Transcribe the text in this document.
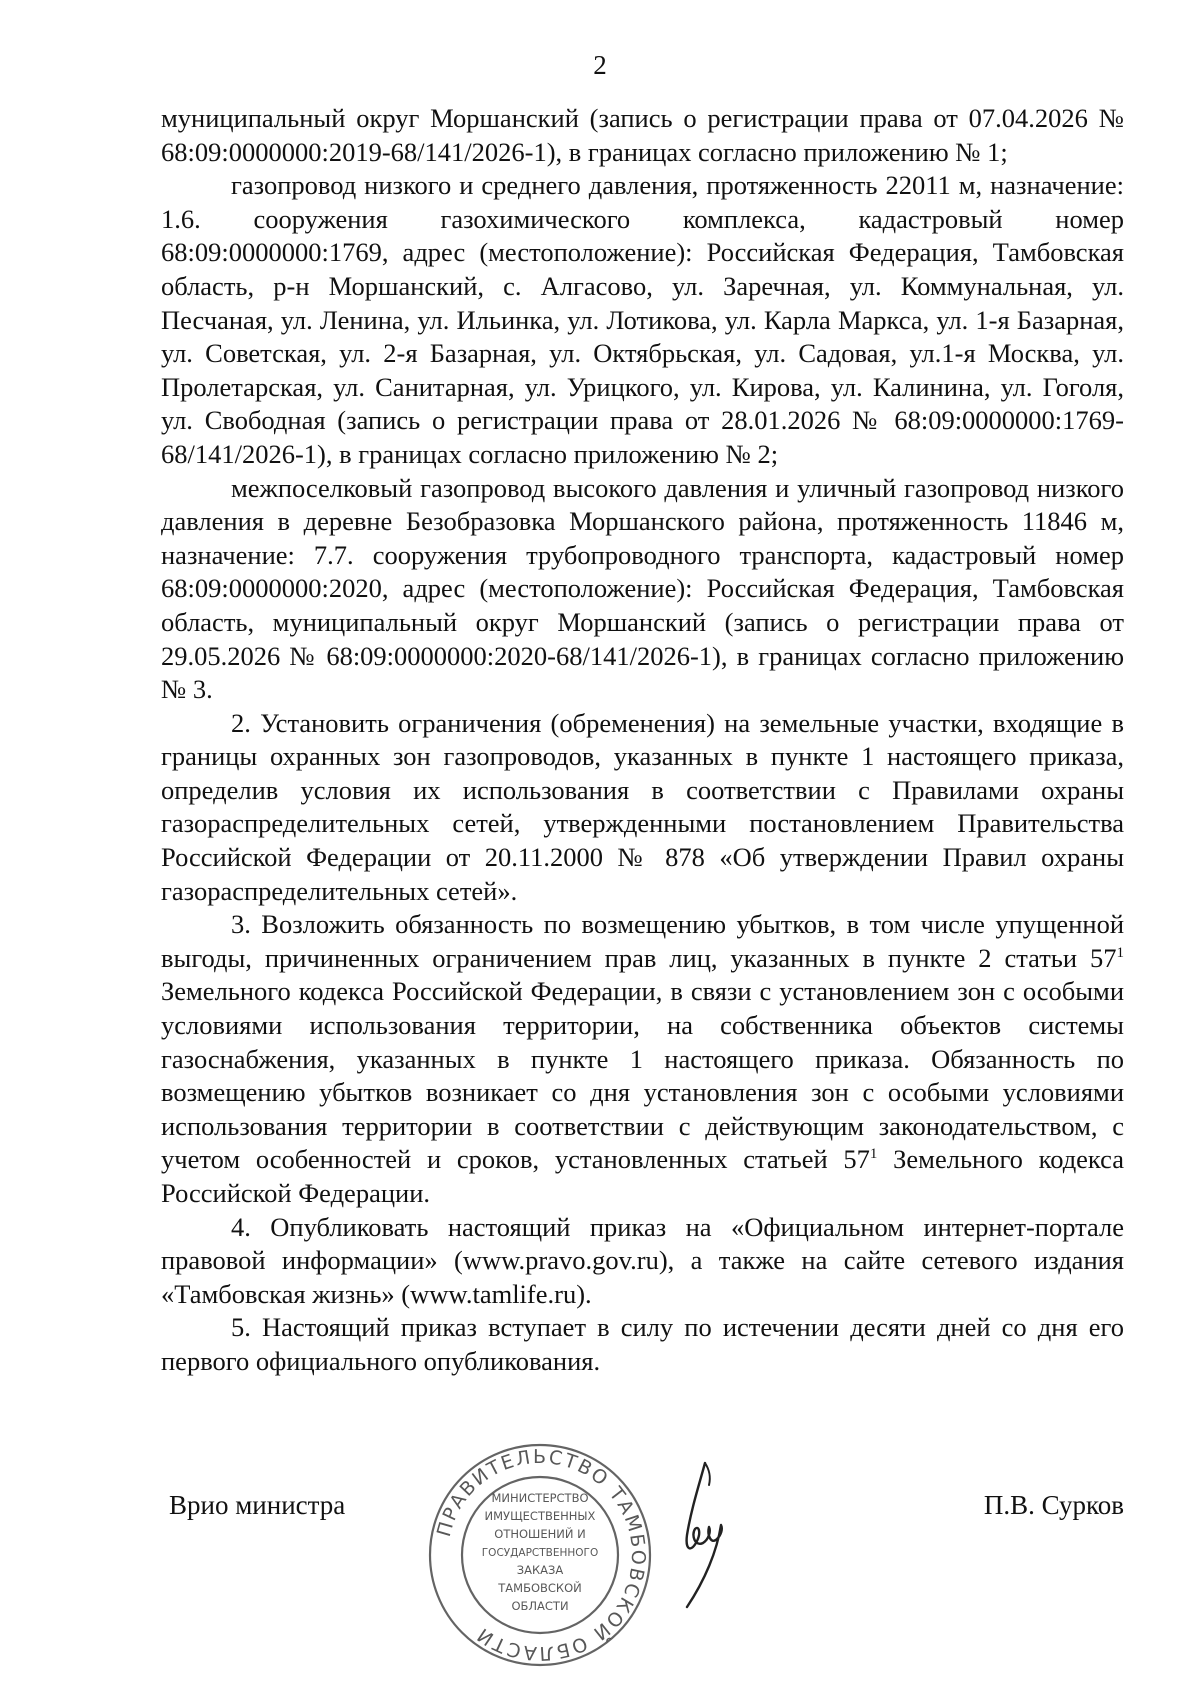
2

муниципальный округ Моршанский (запись о регистрации права от 07.04.2026 № 68:09:0000000:2019-68/141/2026-1), в границах согласно приложению № 1;

газопровод низкого и среднего давления, протяженность 22011 м, назначение: 1.6. сооружения газохимического комплекса, кадастровый номер 68:09:0000000:1769, адрес (местоположение): Российская Федерация, Тамбовская область, р-н Моршанский, с. Алгасово, ул. Заречная, ул. Коммунальная, ул. Песчаная, ул. Ленина, ул. Ильинка, ул. Лотикова, ул. Карла Маркса, ул. 1-я Базарная, ул. Советская, ул. 2-я Базарная, ул. Октябрьская, ул. Садовая, ул.1-я Москва, ул. Пролетарская, ул. Санитарная, ул. Урицкого, ул. Кирова, ул. Калинина, ул. Гоголя, ул. Свободная (запись о регистрации права от 28.01.2026 № 68:09:0000000:1769-68/141/2026-1), в границах согласно приложению № 2;

межпоселковый газопровод высокого давления и уличный газопровод низкого давления в деревне Безобразовка Моршанского района, протяженность 11846 м, назначение: 7.7. сооружения трубопроводного транспорта, кадастровый номер 68:09:0000000:2020, адрес (местоположение): Российская Федерация, Тамбовская область, муниципальный округ Моршанский (запись о регистрации права от 29.05.2026 № 68:09:0000000:2020-68/141/2026-1), в границах согласно приложению № 3.

2. Установить ограничения (обременения) на земельные участки, входящие в границы охранных зон газопроводов, указанных в пункте 1 настоящего приказа, определив условия их использования в соответствии с Правилами охраны газораспределительных сетей, утвержденными постановлением Правительства Российской Федерации от 20.11.2000 № 878 «Об утверждении Правил охраны газораспределительных сетей».

3. Возложить обязанность по возмещению убытков, в том числе упущенной выгоды, причиненных ограничением прав лиц, указанных в пункте 2 статьи $57^1$ Земельного кодекса Российской Федерации, в связи с установлением зон с особыми условиями использования территории, на собственника объектов системы газоснабжения, указанных в пункте 1 настоящего приказа. Обязанность по возмещению убытков возникает со дня установления зон с особыми условиями использования территории в соответствии с действующим законодательством, с учетом особенностей и сроков, установленных статьей $57^1$ Земельного кодекса Российской Федерации.

4. Опубликовать настоящий приказ на «Официальном интернет-портале правовой информации» (www.pravo.gov.ru), а также на сайте сетевого издания «Тамбовская жизнь» (www.tamlife.ru).

5. Настоящий приказ вступает в силу по истечении десяти дней со дня его первого официального опубликования.

Врио министра	П.В. Сурков
ПРАВИТЕЛЬСТВО ТАМБОВСКОЙ ОБЛАСТИ
МИНИСТЕРСТВО
ИМУЩЕСТВЕННЫХ
ОТНОШЕНИЙ И
ГОСУДАРСТВЕННОГО
ЗАКАЗА
ТАМБОВСКОЙ
ОБЛАСТИ
